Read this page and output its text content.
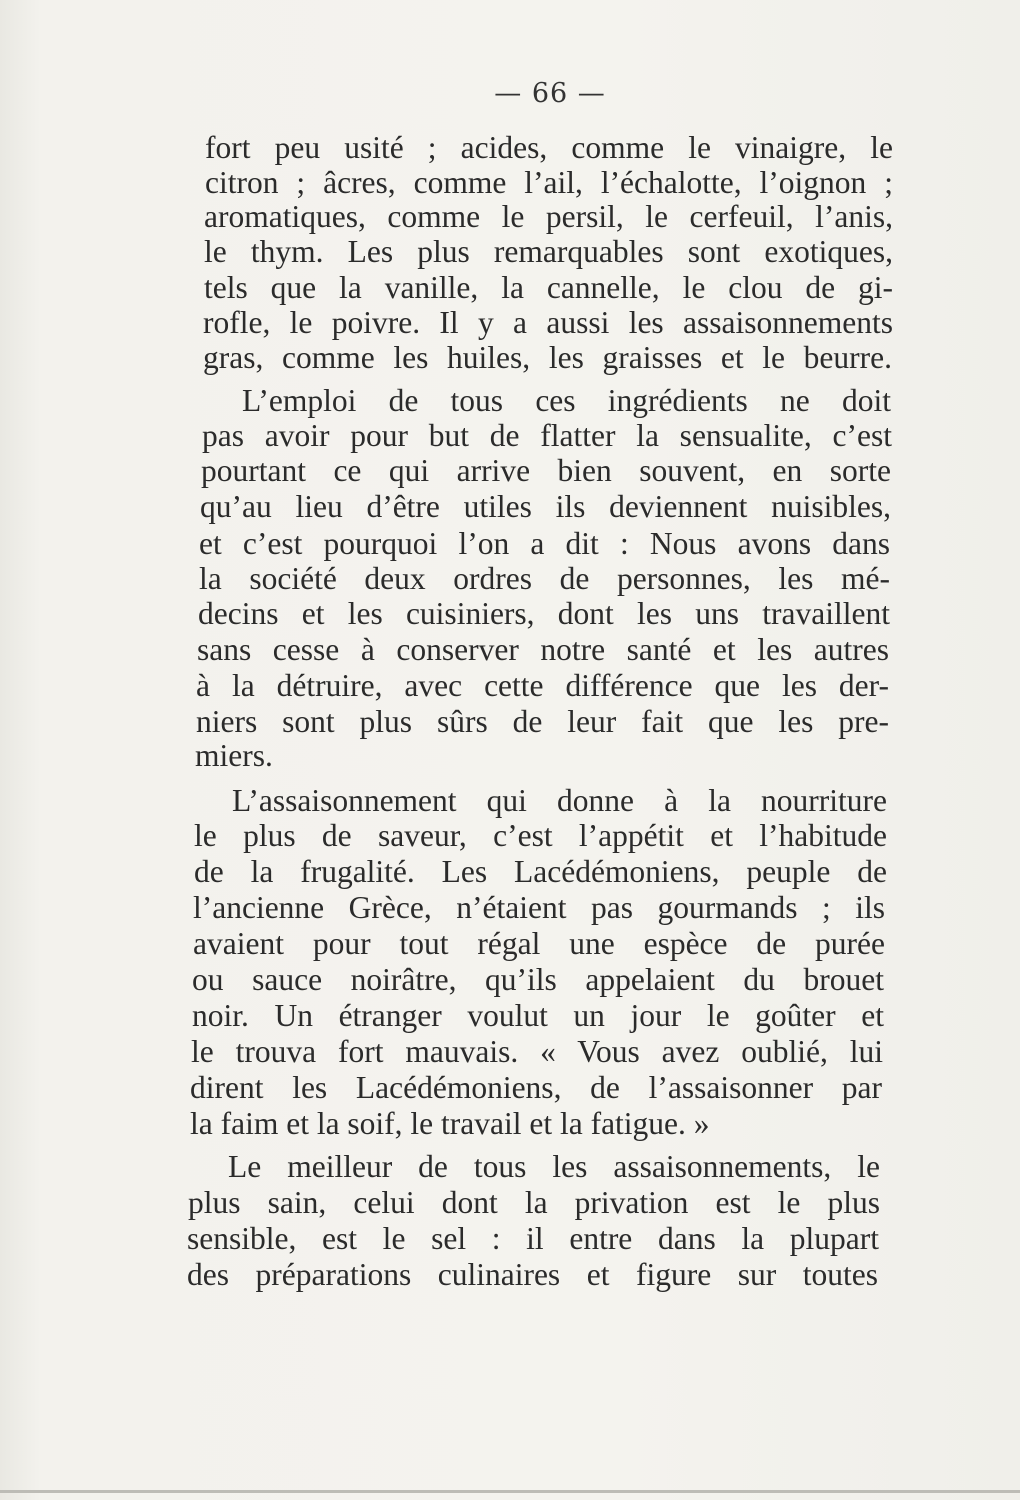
— 66 —
fort peu usité ; acides, comme le vinaigre, le
citron ; âcres, comme l’ail, l’échalotte, l’oignon ;
aromatiques, comme le persil, le cerfeuil, l’anis,
le thym. Les plus remarquables sont exotiques,
tels que la vanille, la cannelle, le clou de gi-
rofle, le poivre. Il y a aussi les assaisonnements
gras, comme les huiles, les graisses et le beurre.
L’emploi de tous ces ingrédients ne doit
pas avoir pour but de flatter la sensualite, c’est
pourtant ce qui arrive bien souvent, en sorte
qu’au lieu d’être utiles ils deviennent nuisibles,
et c’est pourquoi l’on a dit : Nous avons dans
la société deux ordres de personnes, les mé-
decins et les cuisiniers, dont les uns travaillent
sans cesse à conserver notre santé et les autres
à la détruire, avec cette différence que les der-
niers sont plus sûrs de leur fait que les pre-
miers.
L’assaisonnement qui donne à la nourriture
le plus de saveur, c’est l’appétit et l’habitude
de la frugalité. Les Lacédémoniens, peuple de
l’ancienne Grèce, n’étaient pas gourmands ; ils
avaient pour tout régal une espèce de purée
ou sauce noirâtre, qu’ils appelaient du brouet
noir. Un étranger voulut un jour le goûter et
le trouva fort mauvais. « Vous avez oublié, lui
dirent les Lacédémoniens, de l’assaisonner par
la faim et la soif, le travail et la fatigue. »
Le meilleur de tous les assaisonnements, le
plus sain, celui dont la privation est le plus
sensible, est le sel : il entre dans la plupart
des préparations culinaires et figure sur toutes
